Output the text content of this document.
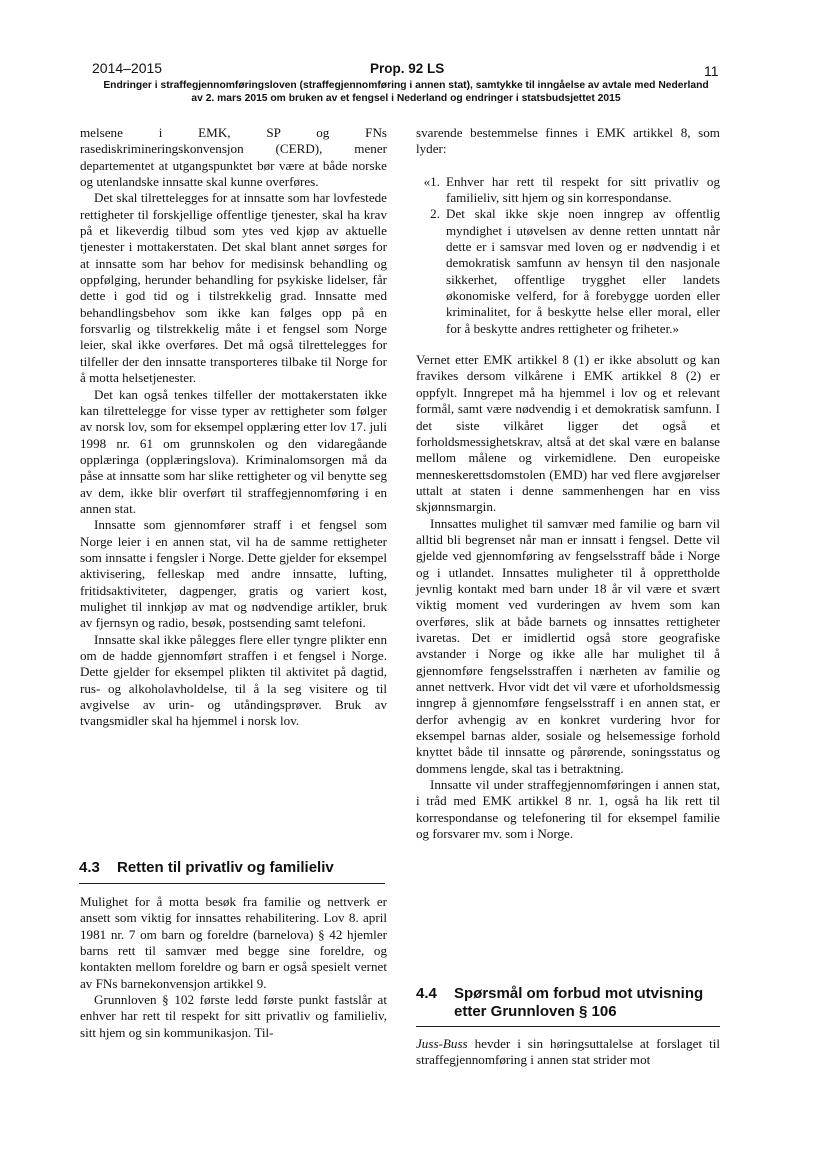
2014–2015	Prop. 92 LS	11
Endringer i straffegjennomføringsloven (straffegjennomføring i annen stat), samtykke til inngåelse av avtale med Nederland
av 2. mars 2015 om bruken av et fengsel i Nederland og endringer i statsbudsjettet 2015

melsene i EMK, SP og FNs rasediskrimineringskonvensjon (CERD), mener departementet at utgangspunktet bør være at både norske og utenlandske innsatte skal kunne overføres.

Det skal tilrettelegges for at innsatte som har lovfestede rettigheter til forskjellige offentlige tjenester, skal ha krav på et likeverdig tilbud som ytes ved kjøp av aktuelle tjenester i mottakerstaten. Det skal blant annet sørges for at innsatte som har behov for medisinsk behandling og oppfølging, herunder behandling for psykiske lidelser, får dette i god tid og i tilstrekkelig grad. Innsatte med behandlingsbehov som ikke kan følges opp på en forsvarlig og tilstrekkelig måte i et fengsel som Norge leier, skal ikke overføres. Det må også tilrettelegges for tilfeller der den innsatte transporteres tilbake til Norge for å motta helsetjenester.

Det kan også tenkes tilfeller der mottakerstaten ikke kan tilrettelegge for visse typer av rettigheter som følger av norsk lov, som for eksempel opplæring etter lov 17. juli 1998 nr. 61 om grunnskolen og den vidaregåande opplæringa (opplæringslova). Kriminalomsorgen må da påse at innsatte som har slike rettigheter og vil benytte seg av dem, ikke blir overført til straffegjennomføring i en annen stat.

Innsatte som gjennomfører straff i et fengsel som Norge leier i en annen stat, vil ha de samme rettigheter som innsatte i fengsler i Norge. Dette gjelder for eksempel aktivisering, felleskap med andre innsatte, lufting, fritidsaktiviteter, dagpenger, gratis og variert kost, mulighet til innkjøp av mat og nødvendige artikler, bruk av fjernsyn og radio, besøk, postsending samt telefoni.

Innsatte skal ikke pålegges flere eller tyngre plikter enn om de hadde gjennomført straffen i et fengsel i Norge. Dette gjelder for eksempel plikten til aktivitet på dagtid, rus- og alkoholavholdelse, til å la seg visitere og til avgivelse av urin- og utåndingsprøver. Bruk av tvangsmidler skal ha hjemmel i norsk lov.

4.3 Retten til privatliv og familieliv

Mulighet for å motta besøk fra familie og nettverk er ansett som viktig for innsattes rehabilitering. Lov 8. april 1981 nr. 7 om barn og foreldre (barnelova) § 42 hjemler barns rett til samvær med begge sine foreldre, og kontakten mellom foreldre og barn er også spesielt vernet av FNs barnekonvensjon artikkel 9.

Grunnloven § 102 første ledd første punkt fastslår at enhver har rett til respekt for sitt privatliv og familieliv, sitt hjem og sin kommunikasjon. Til-

svarende bestemmelse finnes i EMK artikkel 8, som lyder:

«1. Enhver har rett til respekt for sitt privatliv og familieliv, sitt hjem og sin korrespondanse.
2. Det skal ikke skje noen inngrep av offentlig myndighet i utøvelsen av denne retten unntatt når dette er i samsvar med loven og er nødvendig i et demokratisk samfunn av hensyn til den nasjonale sikkerhet, offentlige trygghet eller landets økonomiske velferd, for å forebygge uorden eller kriminalitet, for å beskytte helse eller moral, eller for å beskytte andres rettigheter og friheter.»

Vernet etter EMK artikkel 8 (1) er ikke absolutt og kan fravikes dersom vilkårene i EMK artikkel 8 (2) er oppfylt. Inngrepet må ha hjemmel i lov og et relevant formål, samt være nødvendig i et demokratisk samfunn. I det siste vilkåret ligger det også et forholdsmessighetskrav, altså at det skal være en balanse mellom målene og virkemidlene. Den europeiske menneskerettsdomstolen (EMD) har ved flere avgjørelser uttalt at staten i denne sammenhengen har en viss skjønnsmargin.

Innsattes mulighet til samvær med familie og barn vil alltid bli begrenset når man er innsatt i fengsel. Dette vil gjelde ved gjennomføring av fengselsstraff både i Norge og i utlandet. Innsattes muligheter til å opprettholde jevnlig kontakt med barn under 18 år vil være et svært viktig moment ved vurderingen av hvem som kan overføres, slik at både barnets og innsattes rettigheter ivaretas. Det er imidlertid også store geografiske avstander i Norge og ikke alle har mulighet til å gjennomføre fengselsstraffen i nærheten av familie og annet nettverk. Hvor vidt det vil være et uforholdsmessig inngrep å gjennomføre fengselsstraff i en annen stat, er derfor avhengig av en konkret vurdering hvor for eksempel barnas alder, sosiale og helsemessige forhold knyttet både til innsatte og pårørende, soningsstatus og dommens lengde, skal tas i betraktning.

Innsatte vil under straffegjennomføringen i annen stat, i tråd med EMK artikkel 8 nr. 1, også ha lik rett til korrespondanse og telefonering til for eksempel familie og forsvarer mv. som i Norge.

4.4 Spørsmål om forbud mot utvisning
etter Grunnloven § 106

Juss-Buss hevder i sin høringsuttalelse at forslaget til straffegjennomføring i annen stat strider mot
